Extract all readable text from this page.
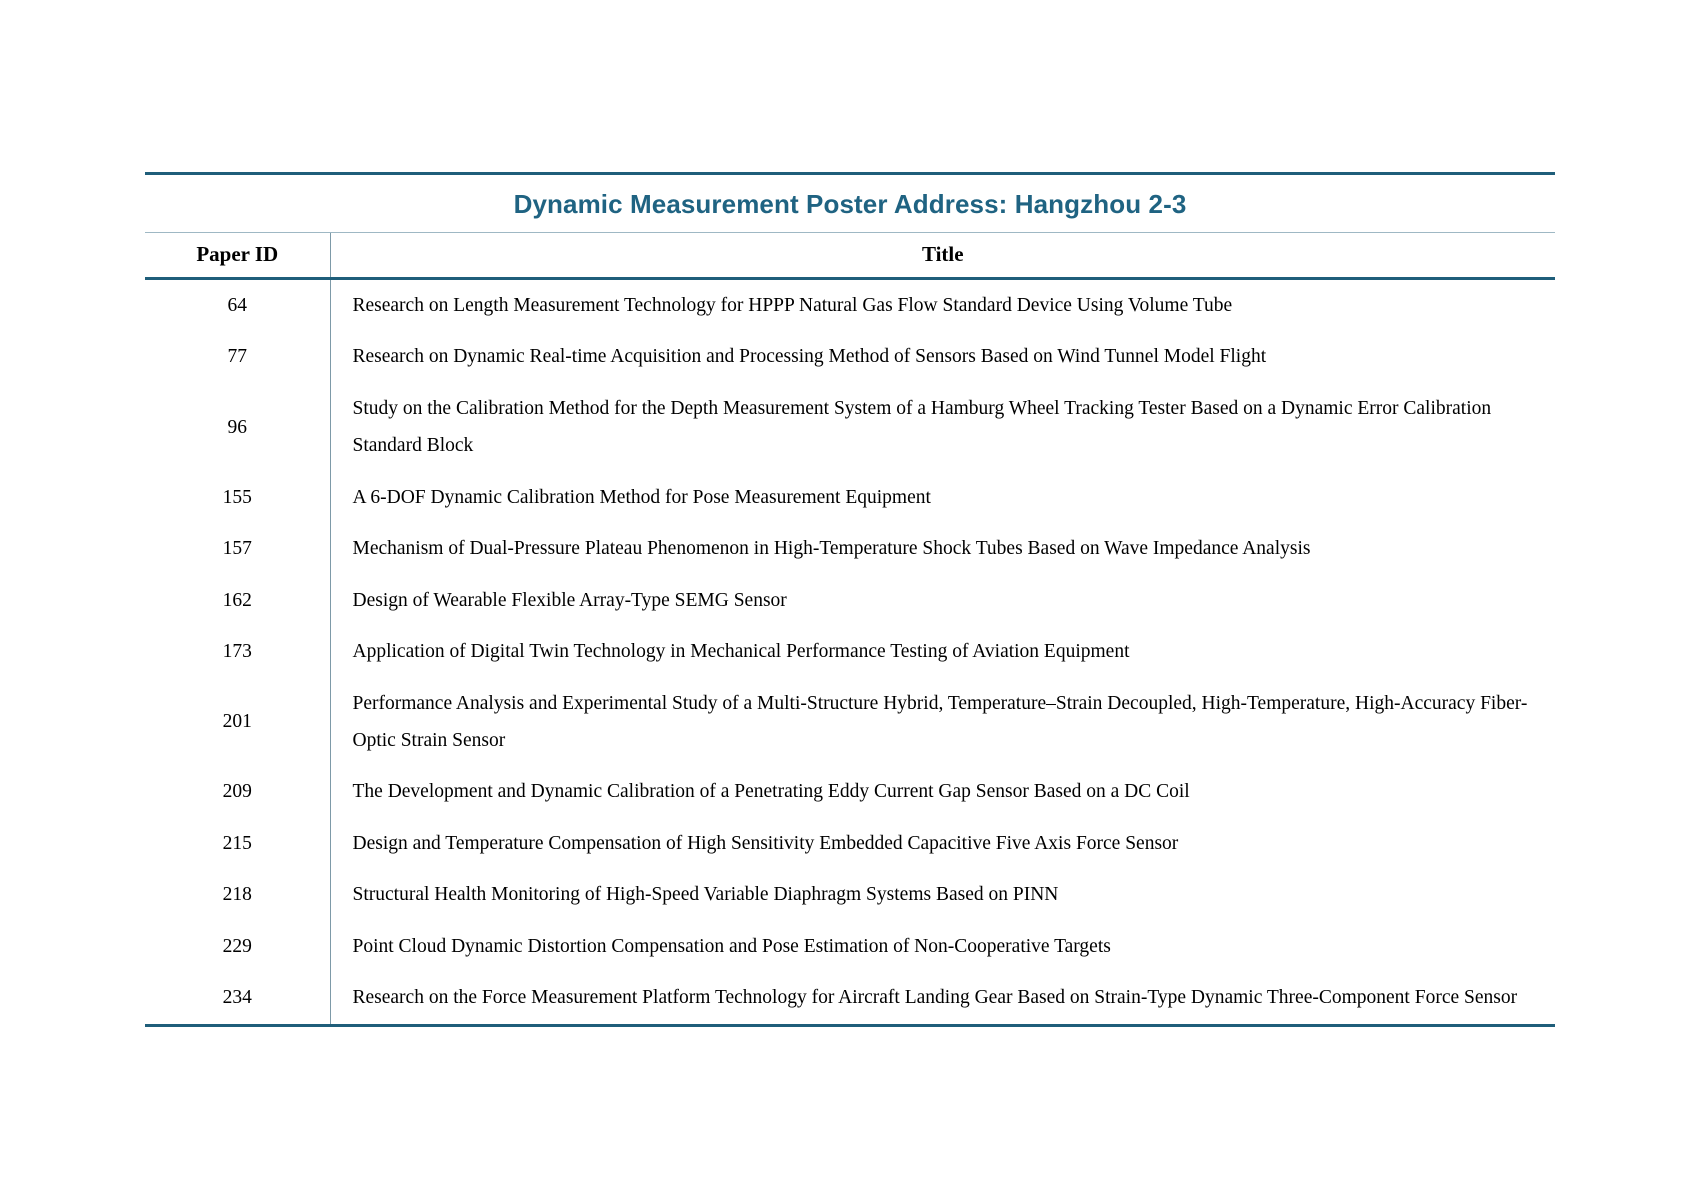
Dynamic Measurement Poster Address: Hangzhou 2-3
Paper ID	Title
64	Research on Length Measurement Technology for HPPP Natural Gas Flow Standard Device Using Volume Tube
77	Research on Dynamic Real-time Acquisition and Processing Method of Sensors Based on Wind Tunnel Model Flight
96	Study on the Calibration Method for the Depth Measurement System of a Hamburg Wheel Tracking Tester Based on a Dynamic Error Calibration Standard Block
155	A 6-DOF Dynamic Calibration Method for Pose Measurement Equipment
157	Mechanism of Dual-Pressure Plateau Phenomenon in High-Temperature Shock Tubes Based on Wave Impedance Analysis
162	Design of Wearable Flexible Array-Type SEMG Sensor
173	Application of Digital Twin Technology in Mechanical Performance Testing of Aviation Equipment
201	Performance Analysis and Experimental Study of a Multi-Structure Hybrid, Temperature–Strain Decoupled, High-Temperature, High-Accuracy Fiber-Optic Strain Sensor
209	The Development and Dynamic Calibration of a Penetrating Eddy Current Gap Sensor Based on a DC Coil
215	Design and Temperature Compensation of High Sensitivity Embedded Capacitive Five Axis Force Sensor
218	Structural Health Monitoring of High-Speed Variable Diaphragm Systems Based on PINN
229	Point Cloud Dynamic Distortion Compensation and Pose Estimation of Non-Cooperative Targets
234	Research on the Force Measurement Platform Technology for Aircraft Landing Gear Based on Strain-Type Dynamic Three-Component Force Sensor
